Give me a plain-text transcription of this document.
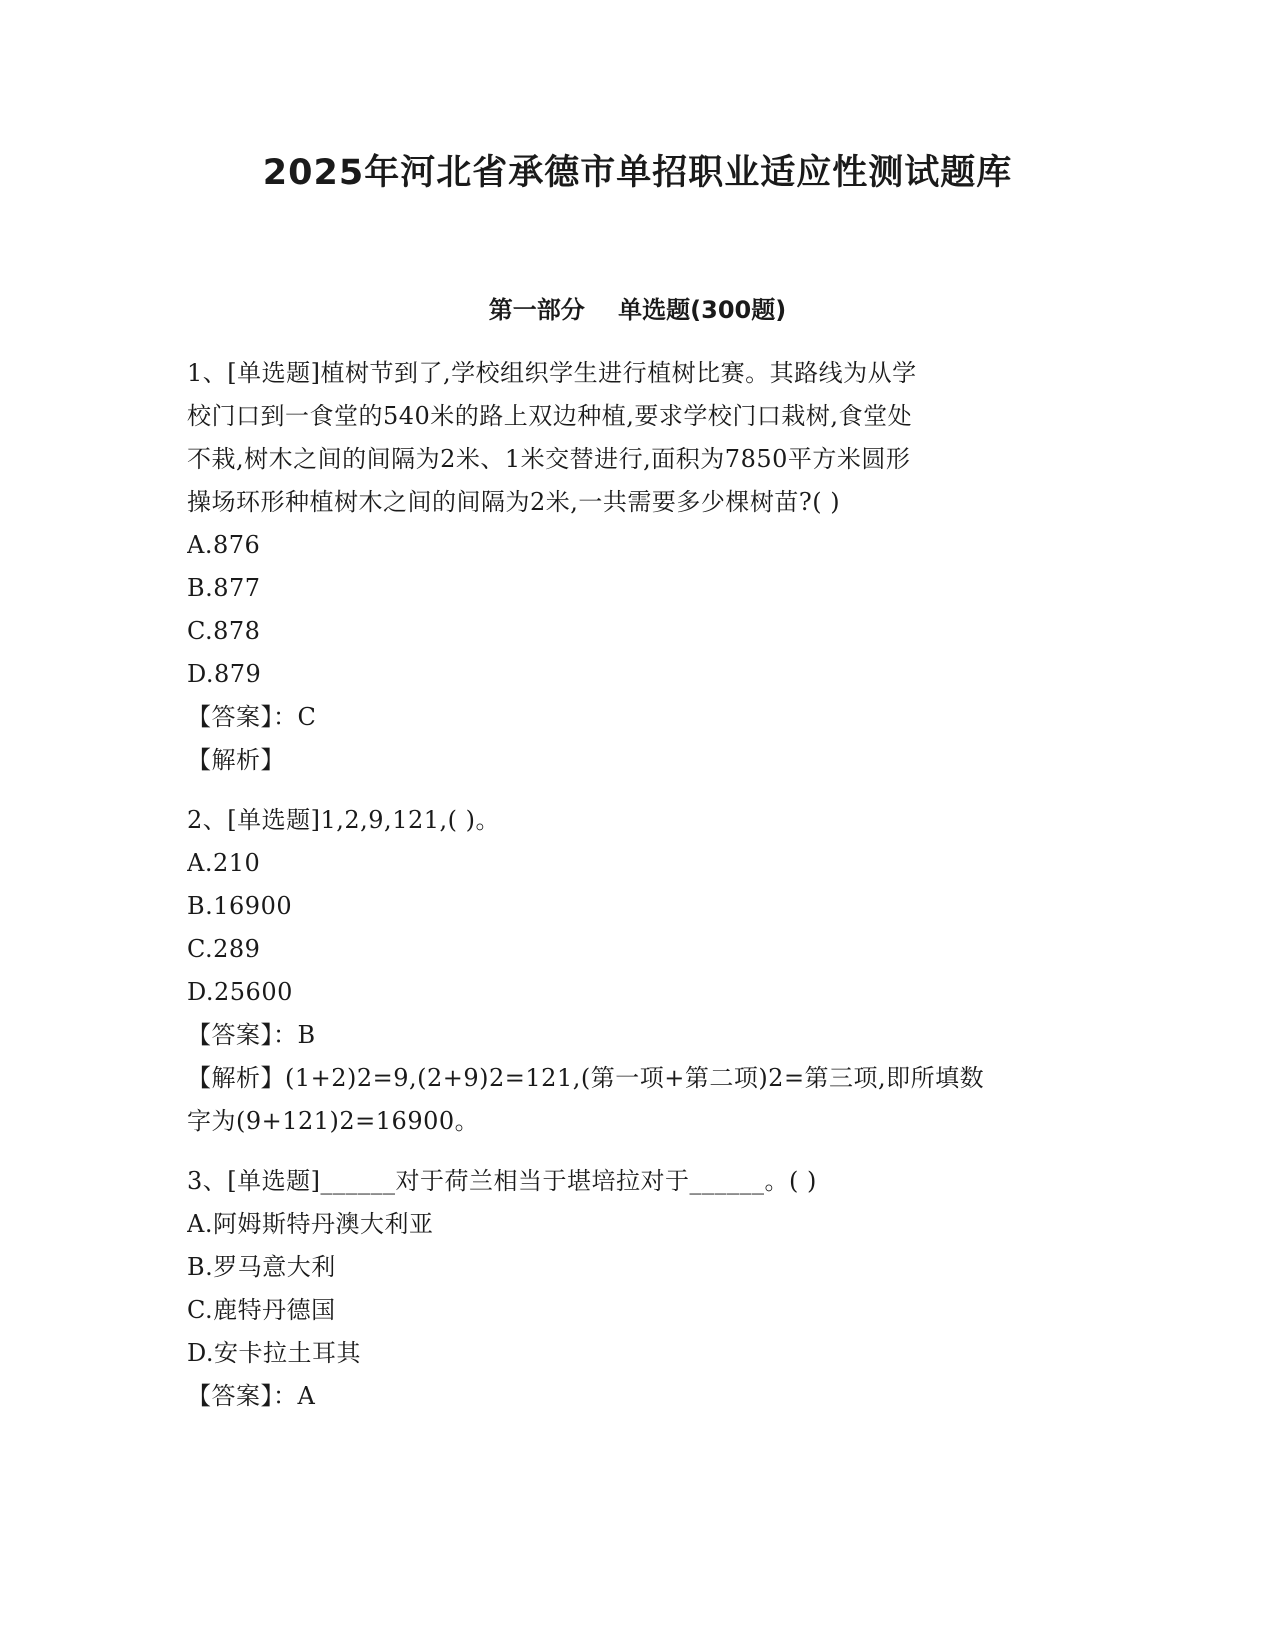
2025年河北省承德市单招职业适应性测试题库
第一部分    单选题(300题)
1、[单选题]植树节到了,学校组织学生进行植树比赛。其路线为从学
校门口到一食堂的540米的路上双边种植,要求学校门口栽树,食堂处
不栽,树木之间的间隔为2米、1米交替进行,面积为7850平方米圆形
操场环形种植树木之间的间隔为2米,一共需要多少棵树苗?( )
A.876
B.877
C.878
D.879
【答案】：C
【解析】
2、[单选题]1,2,9,121,( )。
A.210
B.16900
C.289
D.25600
【答案】：B
【解析】(1+2)2=9,(2+9)2=121,(第一项+第二项)2=第三项,即所填数
字为(9+121)2=16900。
3、[单选题]______对于荷兰相当于堪培拉对于______。( )
A.阿姆斯特丹澳大利亚
B.罗马意大利
C.鹿特丹德国
D.安卡拉土耳其
【答案】：A
